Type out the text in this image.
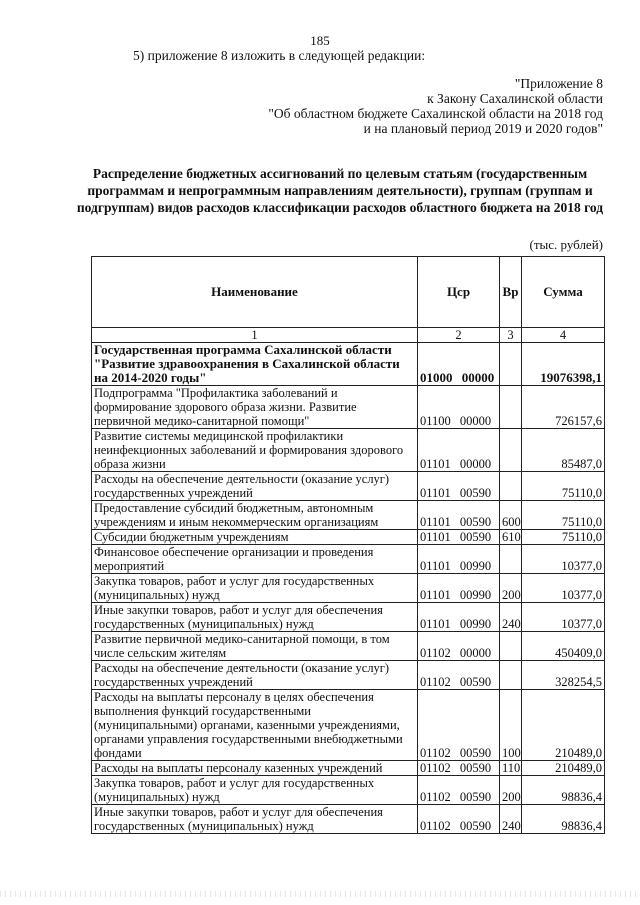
185
5) приложение 8 изложить в следующей редакции:
"Приложение 8
к Закону Сахалинской области
"Об областном бюджете Сахалинской области на 2018 год
и на плановый период 2019 и 2020 годов"
Распределение бюджетных ассигнований по целевым статьям (государственным
программам и непрограммным направлениям деятельности), группам (группам и
подгруппам) видов расходов классификации расходов областного бюджета на 2018 год
(тыс. рублей)
Наименование	Цср	Вр	Сумма
1	2	3	4
Государственная программа Сахалинской области "Развитие здравоохранения в Сахалинской области на 2014-2020 годы"	01000 00000		19076398,1
Подпрограмма "Профилактика заболеваний и формирование здорового образа жизни. Развитие первичной медико-санитарной помощи"	01100 00000		726157,6
Развитие системы медицинской профилактики неинфекционных заболеваний и формирования здорового образа жизни	01101 00000		85487,0
Расходы на обеспечение деятельности (оказание услуг) государственных учреждений	01101 00590		75110,0
Предоставление субсидий бюджетным, автономным учреждениям и иным некоммерческим организациям	01101 00590	600	75110,0
Субсидии бюджетным учреждениям	01101 00590	610	75110,0
Финансовое обеспечение организации и проведения мероприятий	01101 00990		10377,0
Закупка товаров, работ и услуг для государственных (муниципальных) нужд	01101 00990	200	10377,0
Иные закупки товаров, работ и услуг для обеспечения государственных (муниципальных) нужд	01101 00990	240	10377,0
Развитие первичной медико-санитарной помощи, в том числе сельским жителям	01102 00000		450409,0
Расходы на обеспечение деятельности (оказание услуг) государственных учреждений	01102 00590		328254,5
Расходы на выплаты персоналу в целях обеспечения выполнения функций государственными (муниципальными) органами, казенными учреждениями, органами управления государственными внебюджетными фондами	01102 00590	100	210489,0
Расходы на выплаты персоналу казенных учреждений	01102 00590	110	210489,0
Закупка товаров, работ и услуг для государственных (муниципальных) нужд	01102 00590	200	98836,4
Иные закупки товаров, работ и услуг для обеспечения государственных (муниципальных) нужд	01102 00590	240	98836,4
